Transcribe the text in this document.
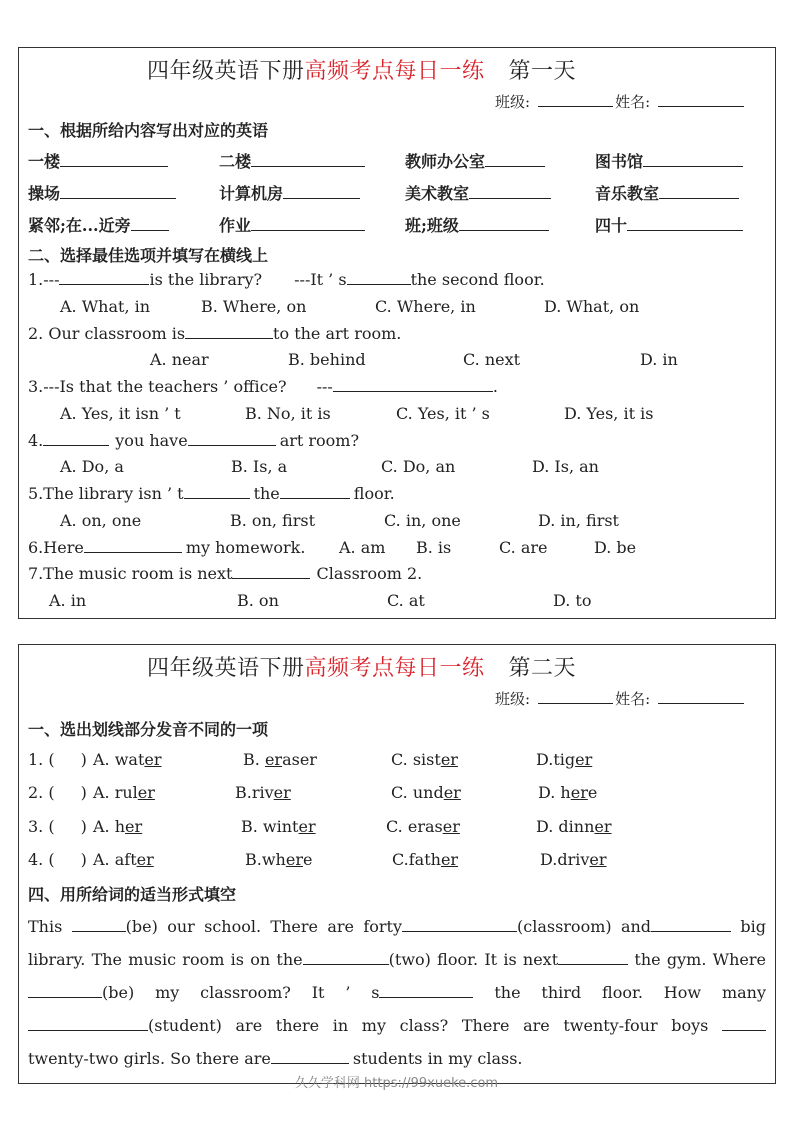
四年级英语下册高频考点每日一练 第一天
班级:	姓名:
一、根据所给内容写出对应的英语
一楼	二楼	教师办公室	图书馆
操场	计算机房	美术教室	音乐教室
紧邻;在...近旁	作业	班;班级	四十
二、选择最佳选项并填写在横线上
1.---	is the library? ---It ’ s	the second floor.
A. What, in	B. Where, on	C. Where, in	D. What, on
2. Our classroom is	to the art room.
A. near	B. behind	C. next	D. in
3.---Is that the teachers ’ office? ---	.
A. Yes, it isn ’ t	B. No, it is	C. Yes, it ’ s	D. Yes, it is
4.	you have	art room?
A. Do, a	B. Is, a	C. Do, an	D. Is, an
5.The library isn ’ t	the	floor.
A. on, one	B. on, first	C. in, one	D. in, first
6.Here	my homework. A. am B. is	C. are	D. be
7.The music room is next	Classroom 2.
A. in	B. on	C. at	D. to
四年级英语下册高频考点每日一练 第二天
班级:	姓名:
一、选出划线部分发音不同的一项
1. ( ) A. water	B. eraser	C. sister	D.tiger
2. ( ) A. ruler	B.river	C. under	D. here
3. ( ) A. her	B. winter	C. eraser	D. dinner
4. ( ) A. after	B.where	C.father	D.driver
四、用所给词的适当形式填空

This	(be) our school. There are forty	(classroom) and	big

library. The music room is on the	(two) floor. It is next	the gym. Where

(be) my classroom? It ’ s	the third floor. How many

(student) are there in my class? There are twenty-four boys

twenty-two girls. So there are	students in my class.

久久学科网 https://99xueke.com
